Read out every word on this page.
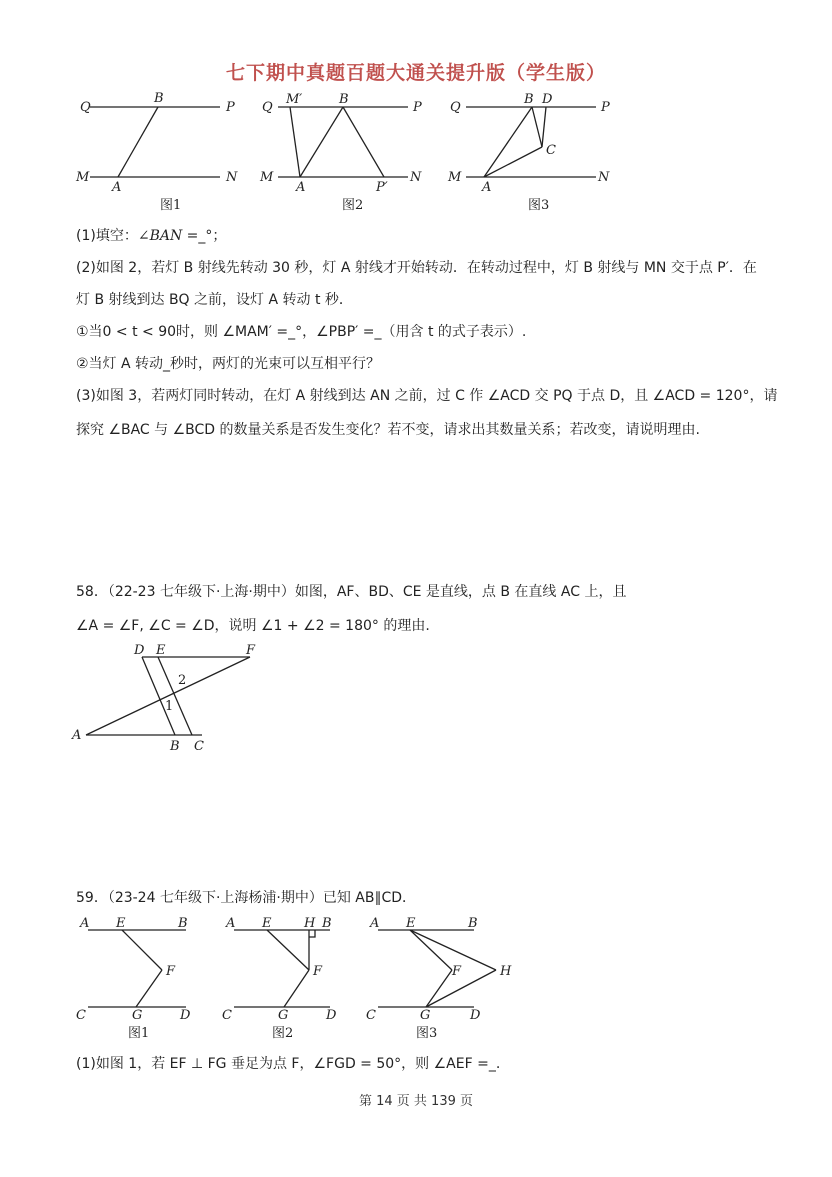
七下期中真题百题大通关提升版（学生版）
Q
B
P
M
A
N
图1
Q
M′	B
P
M
A	P′
N
图2
Q
B D
P
C
M
A
N
图3
(1)填空：∠BAN =_°；
(2)如图 2，若灯 B 射线先转动 30 秒，灯 A 射线才开始转动．在转动过程中，灯 B 射线与 MN 交于点 P′．在
灯 B 射线到达 BQ 之前，设灯 A 转动 t 秒．
①当0 < t < 90时，则 ∠MAM′ =_°，∠PBP′ =_（用含 t 的式子表示）.
②当灯 A 转动_秒时，两灯的光束可以互相平行？
(3)如图 3，若两灯同时转动，在灯 A 射线到达 AN 之前，过 C 作 ∠ACD 交 PQ 于点 D，且 ∠ACD = 120°，请
探究 ∠BAC 与 ∠BCD 的数量关系是否发生变化？若不变，请求出其数量关系；若改变，请说明理由.
58．（22-23 七年级下·上海·期中）如图，AF、BD、CE 是直线，点 B 在直线 AC 上，且
∠A = ∠F, ∠C = ∠D，说明 ∠1 + ∠2 = 180° 的理由.
D E	F
2
1
A
B C
59．（23-24 七年级下·上海杨浦·期中）已知 AB∥CD．
A E	B
F
C	G	D
图1
A E	H B
F
C	G	D
图2
A E	B
F	H
C	G	D
图3
(1)如图 1，若 EF ⊥ FG 垂足为点 F，∠FGD = 50°，则 ∠AEF =_.
第 14 页 共 139 页
